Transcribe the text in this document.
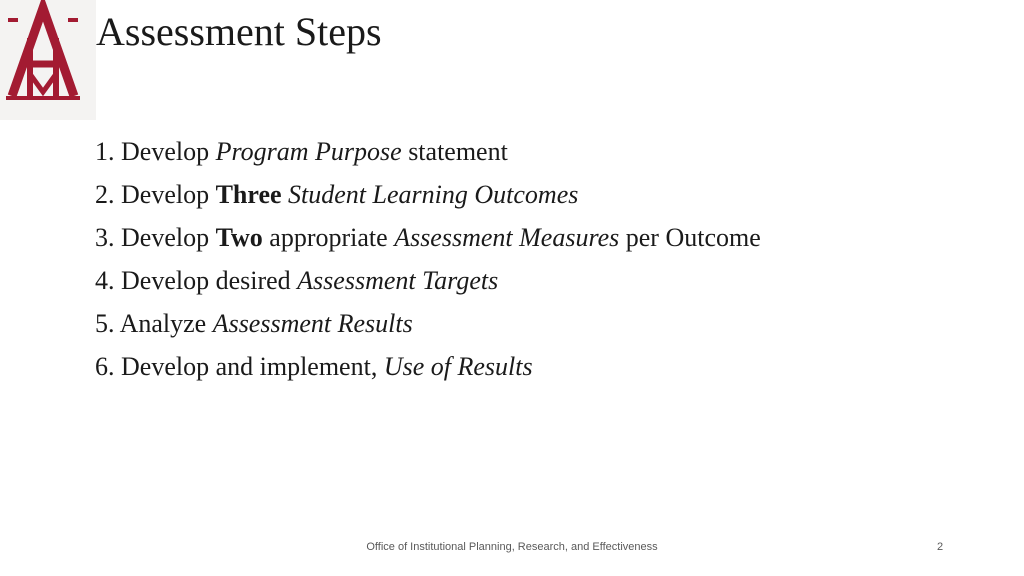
Assessment Steps
1. Develop Program Purpose statement
2. Develop Three Student Learning Outcomes
3. Develop Two appropriate Assessment Measures per Outcome
4. Develop desired Assessment Targets
5. Analyze Assessment Results
6. Develop and implement, Use of Results
Office of Institutional Planning, Research, and Effectiveness	2
